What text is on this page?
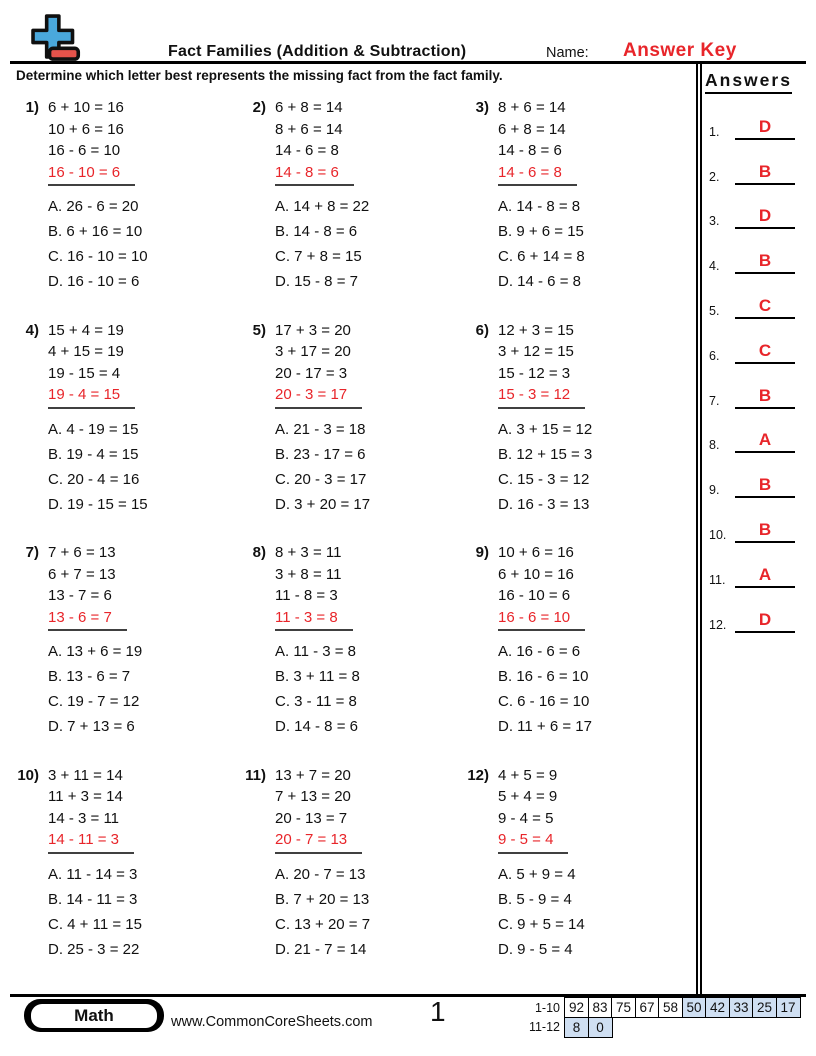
Fact Families (Addition & Subtraction)	Name: Answer Key
Determine which letter best represents the missing fact from the fact family.	Answers
1.	D
2.	B
3.	D
4.	B
5.	C
6.	C
7.	B
8.	A
9.	B
10.	B
11.	A
12.	D
1) 6 + 10 = 16
10 + 6 = 16
16 - 6 = 10
16 - 10 = 6
A. 26 - 6 = 20
B. 6 + 16 = 10
C. 16 - 10 = 10
D. 16 - 10 = 6
2) 6 + 8 = 14
8 + 6 = 14
14 - 6 = 8
14 - 8 = 6
A. 14 + 8 = 22
B. 14 - 8 = 6
C. 7 + 8 = 15
D. 15 - 8 = 7
3) 8 + 6 = 14
6 + 8 = 14
14 - 8 = 6
14 - 6 = 8
A. 14 - 8 = 8
B. 9 + 6 = 15
C. 6 + 14 = 8
D. 14 - 6 = 8
4) 15 + 4 = 19
4 + 15 = 19
19 - 15 = 4
19 - 4 = 15
A. 4 - 19 = 15
B. 19 - 4 = 15
C. 20 - 4 = 16
D. 19 - 15 = 15
5) 17 + 3 = 20
3 + 17 = 20
20 - 17 = 3
20 - 3 = 17
A. 21 - 3 = 18
B. 23 - 17 = 6
C. 20 - 3 = 17
D. 3 + 20 = 17
6) 12 + 3 = 15
3 + 12 = 15
15 - 12 = 3
15 - 3 = 12
A. 3 + 15 = 12
B. 12 + 15 = 3
C. 15 - 3 = 12
D. 16 - 3 = 13
7) 7 + 6 = 13
6 + 7 = 13
13 - 7 = 6
13 - 6 = 7
A. 13 + 6 = 19
B. 13 - 6 = 7
C. 19 - 7 = 12
D. 7 + 13 = 6
8) 8 + 3 = 11
3 + 8 = 11
11 - 8 = 3
11 - 3 = 8
A. 11 - 3 = 8
B. 3 + 11 = 8
C. 3 - 11 = 8
D. 14 - 8 = 6
9) 10 + 6 = 16
6 + 10 = 16
16 - 10 = 6
16 - 6 = 10
A. 16 - 6 = 6
B. 16 - 6 = 10
C. 6 - 16 = 10
D. 11 + 6 = 17
10) 3 + 11 = 14
11 + 3 = 14
14 - 3 = 11
14 - 11 = 3
A. 11 - 14 = 3
B. 14 - 11 = 3
C. 4 + 11 = 15
D. 25 - 3 = 22
11) 13 + 7 = 20
7 + 13 = 20
20 - 13 = 7
20 - 7 = 13
A. 20 - 7 = 13
B. 7 + 20 = 13
C. 13 + 20 = 7
D. 21 - 7 = 14
12) 4 + 5 = 9
5 + 4 = 9
9 - 4 = 5
9 - 5 = 4
A. 5 + 9 = 4
B. 5 - 9 = 4
C. 9 + 5 = 14
D. 9 - 5 = 4
Math	www.CommonCoreSheets.com 1	1-10 92 83 75 67 58 50 42 33 25 17
11-12 8	0
